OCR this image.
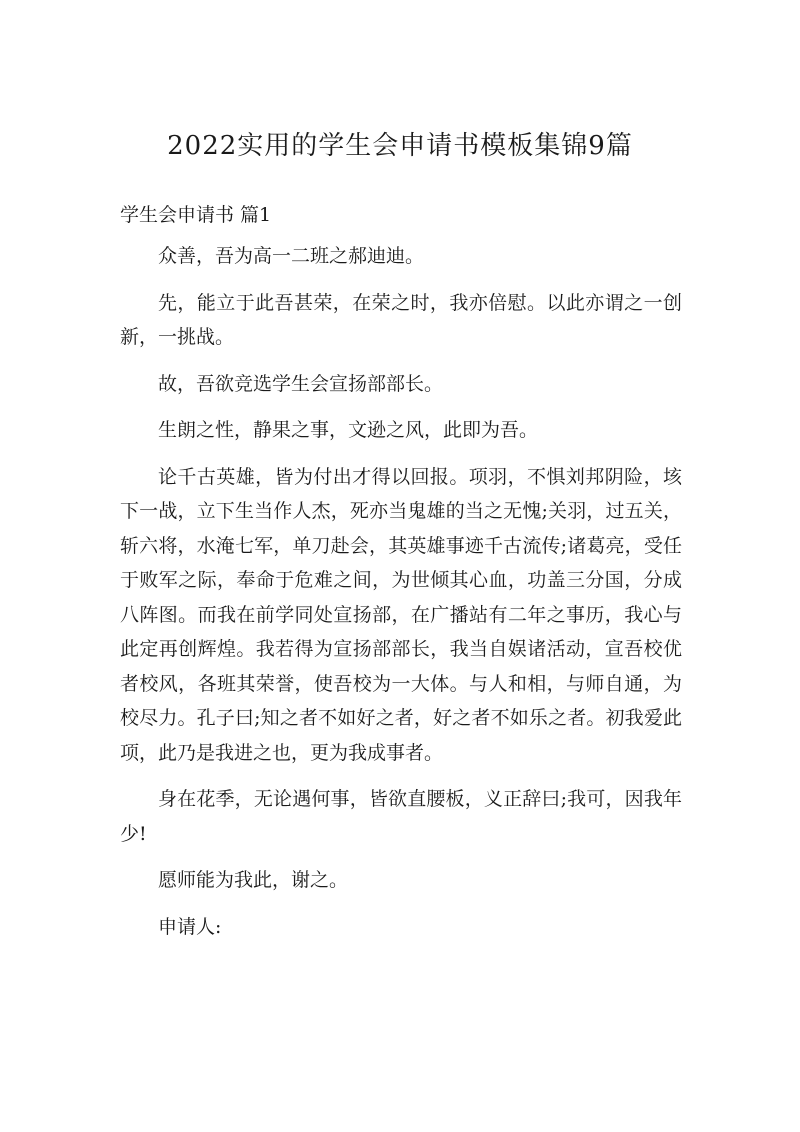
2022实用的学生会申请书模板集锦9篇
学生会申请书 篇1

众善，吾为高一二班之郝迪迪。

先，能立于此吾甚荣，在荣之时，我亦倍慰。以此亦谓之一创新，一挑战。

故，吾欲竞选学生会宣扬部部长。

生朗之性，静果之事，文逊之风，此即为吾。

论千古英雄，皆为付出才得以回报。项羽，不惧刘邦阴险，垓下一战，立下生当作人杰，死亦当鬼雄的当之无愧;关羽，过五关，斩六将，水淹七军，单刀赴会，其英雄事迹千古流传;诸葛亮，受任于败军之际，奉命于危难之间，为世倾其心血，功盖三分国，分成八阵图。而我在前学同处宣扬部，在广播站有二年之事历，我心与此定再创辉煌。我若得为宣扬部部长，我当自娱诸活动，宣吾校优者校风，各班其荣誉，使吾校为一大体。与人和相，与师自通，为校尽力。孔子曰;知之者不如好之者，好之者不如乐之者。初我爱此项，此乃是我进之也，更为我成事者。

身在花季，无论遇何事，皆欲直腰板，义正辞曰;我可，因我年少!

愿师能为我此，谢之。

申请人:
